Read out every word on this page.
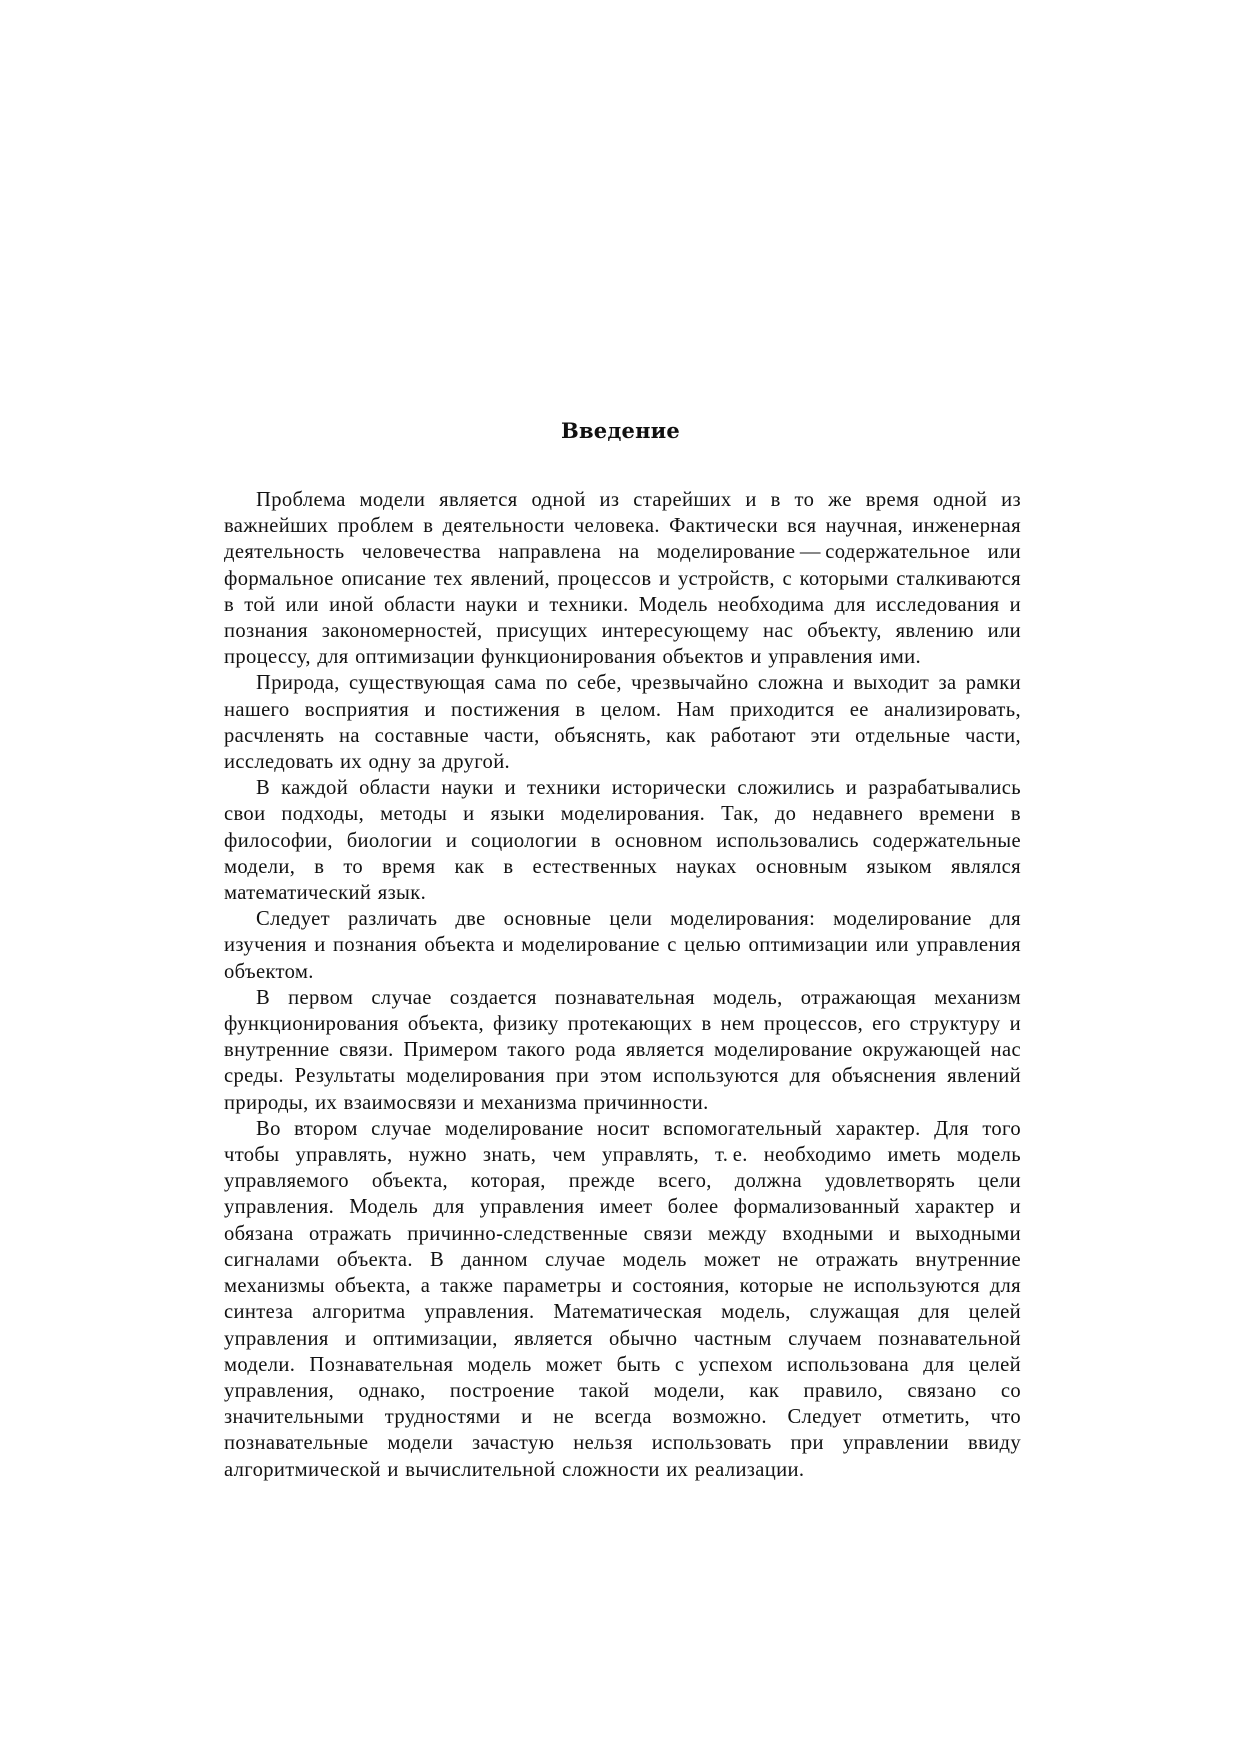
Введение

Проблема модели является одной из старейших и в то же время одной из важнейших проблем в деятельности человека. Фактически вся научная, инженерная деятельность человечества направлена на моделирование — содержательное или формальное описание тех явлений, процессов и устройств, с которыми сталкиваются в той или иной области науки и техники. Модель необходима для исследования и познания закономерностей, присущих интересующему нас объекту, явлению или процессу, для оптимизации функционирования объектов и управления ими.

Природа, существующая сама по себе, чрезвычайно сложна и выходит за рамки нашего восприятия и постижения в целом. Нам приходится ее анализировать, расчленять на составные части, объяснять, как работают эти отдельные части, исследовать их одну за другой.

В каждой области науки и техники исторически сложились и разрабатывались свои подходы, методы и языки моделирования. Так, до недавнего времени в философии, биологии и социологии в основном использовались содержательные модели, в то время как в естественных науках основным языком являлся математический язык.

Следует различать две основные цели моделирования: моделирование для изучения и познания объекта и моделирование с целью оптимизации или управления объектом.

В первом случае создается познавательная модель, отражающая механизм функционирования объекта, физику протекающих в нем процессов, его структуру и внутренние связи. Примером такого рода является моделирование окружающей нас среды. Результаты моделирования при этом используются для объяснения явлений природы, их взаимосвязи и механизма причинности.

Во втором случае моделирование носит вспомогательный характер. Для того чтобы управлять, нужно знать, чем управлять, т. е. необходимо иметь модель управляемого объекта, которая, прежде всего, должна удовлетворять цели управления. Модель для управления имеет более формализованный характер и обязана отражать причинно-следственные связи между входными и выходными сигналами объекта. В данном случае модель может не отражать внутренние механизмы объекта, а также параметры и состояния, которые не используются для синтеза алгоритма управления. Математическая модель, служащая для целей управления и оптимизации, является обычно частным случаем познавательной модели. Познавательная модель может быть с успехом использована для целей управления, однако, построение такой модели, как правило, связано со значительными трудностями и не всегда возможно. Следует отметить, что познавательные модели зачастую нельзя использовать при управлении ввиду алгоритмической и вычислительной сложности их реализации.
